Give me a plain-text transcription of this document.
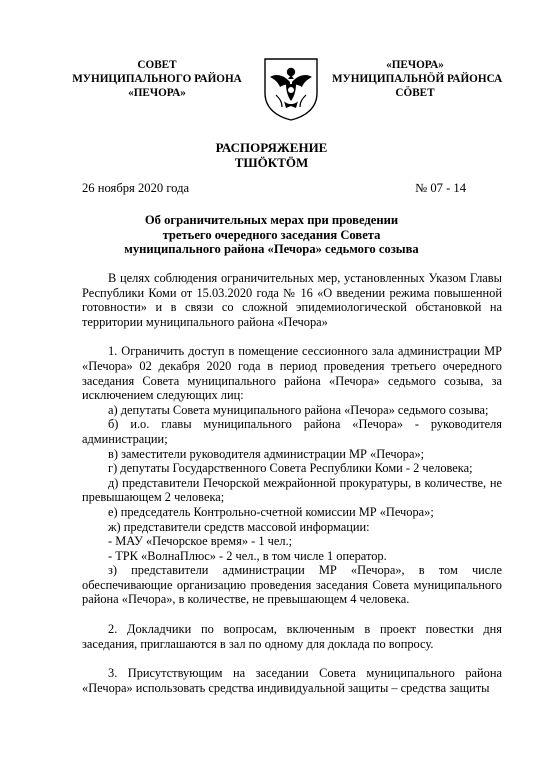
СОВЕТ
МУНИЦИПАЛЬНОГО РАЙОНА
«ПЕЧОРА»
«ПЕЧОРА»
МУНИЦИПАЛЬНÖЙ РАЙОНСА
СÖВЕТ
РАСПОРЯЖЕНИЕ
ТШÖКТÖМ
26 ноября 2020 года	№ 07 - 14
Об ограничительных мерах при проведении
третьего очередного заседания Совета
муниципального района «Печора» седьмого созыва

В целях соблюдения ограничительных мер, установленных Указом Главы Республики Коми от 15.03.2020 года № 16 «О введении режима повышенной готовности» и в связи со сложной эпидемиологической обстановкой на территории муниципального района «Печора»

1. Ограничить доступ в помещение сессионного зала администрации МР «Печора» 02 декабря 2020 года в период проведения третьего очередного заседания Совета муниципального района «Печора» седьмого созыва, за исключением следующих лиц:

а) депутаты Совета муниципального района «Печора» седьмого созыва;

б) и.о. главы муниципального района «Печора» - руководителя администрации;

в) заместители руководителя администрации МР «Печора»;

г) депутаты Государственного Совета Республики Коми - 2 человека;

д) представители Печорской межрайонной прокуратуры, в количестве, не превышающем 2 человека;

е) председатель Контрольно-счетной комиссии МР «Печора»;

ж) представители средств массовой информации:

- МАУ «Печорское время» - 1 чел.;

- ТРК «ВолнаПлюс» - 2 чел., в том числе 1 оператор.

з) представители администрации МР «Печора», в том числе обеспечивающие организацию проведения заседания Совета муниципального района «Печора», в количестве, не превышающем 4 человека.

2. Докладчики по вопросам, включенным в проект повестки дня заседания, приглашаются в зал по одному для доклада по вопросу.

3. Присутствующим на заседании Совета муниципального района «Печора» использовать средства индивидуальной защиты – средства защиты
